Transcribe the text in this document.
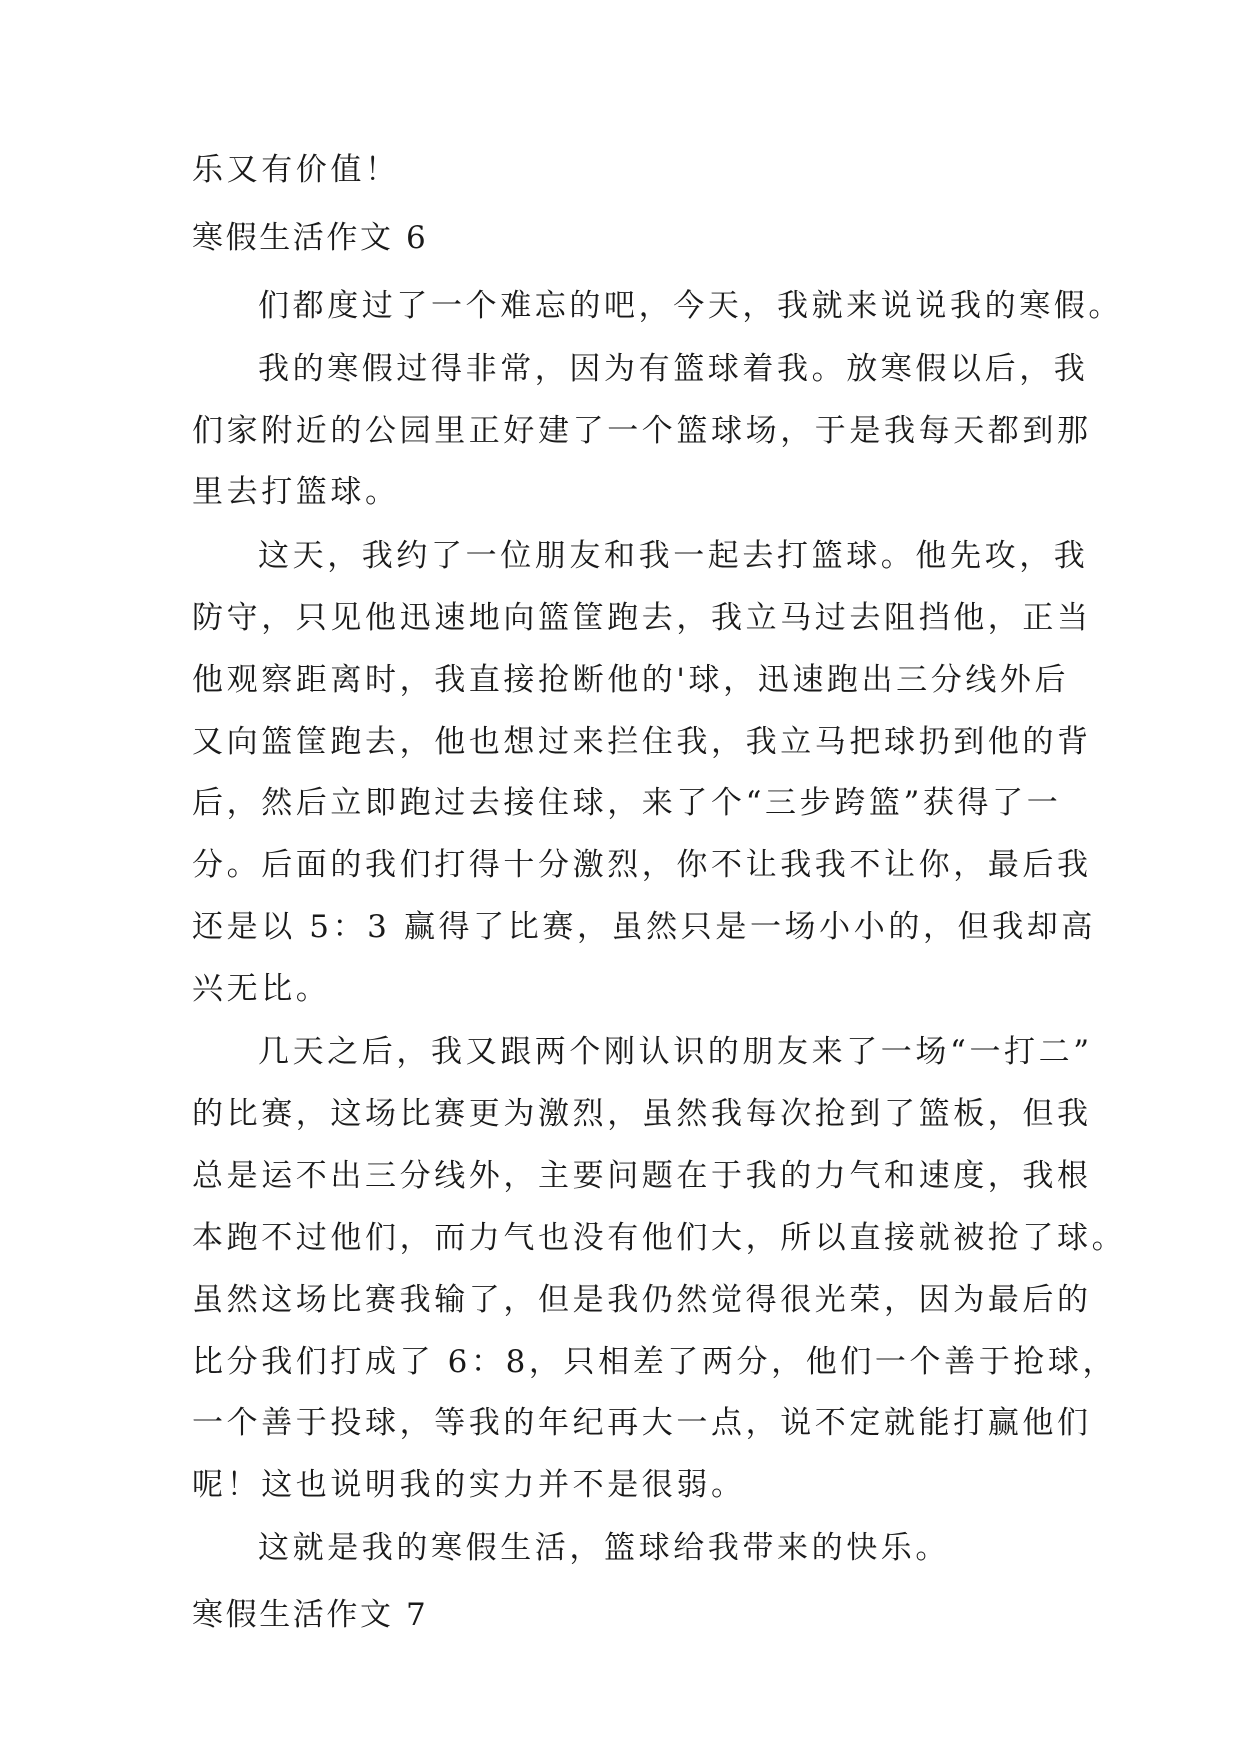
乐又有价值！

寒假生活作文 6

们都度过了一个难忘的吧，今天，我就来说说我的寒假。

我的寒假过得非常，因为有篮球着我。放寒假以后，我

们家附近的公园里正好建了一个篮球场，于是我每天都到那

里去打篮球。

这天，我约了一位朋友和我一起去打篮球。他先攻，我

防守，只见他迅速地向篮筐跑去，我立马过去阻挡他，正当

他观察距离时，我直接抢断他的'球，迅速跑出三分线外后

又向篮筐跑去，他也想过来拦住我，我立马把球扔到他的背

后，然后立即跑过去接住球，来了个“三步跨篮”获得了一

分。后面的我们打得十分激烈，你不让我我不让你，最后我

还是以 5：3 赢得了比赛，虽然只是一场小小的，但我却高

兴无比。

几天之后，我又跟两个刚认识的朋友来了一场“一打二”

的比赛，这场比赛更为激烈，虽然我每次抢到了篮板，但我

总是运不出三分线外，主要问题在于我的力气和速度，我根

本跑不过他们，而力气也没有他们大，所以直接就被抢了球。

虽然这场比赛我输了，但是我仍然觉得很光荣，因为最后的

比分我们打成了 6：8，只相差了两分，他们一个善于抢球，

一个善于投球，等我的年纪再大一点，说不定就能打赢他们

呢！这也说明我的实力并不是很弱。

这就是我的寒假生活，篮球给我带来的快乐。

寒假生活作文 7
